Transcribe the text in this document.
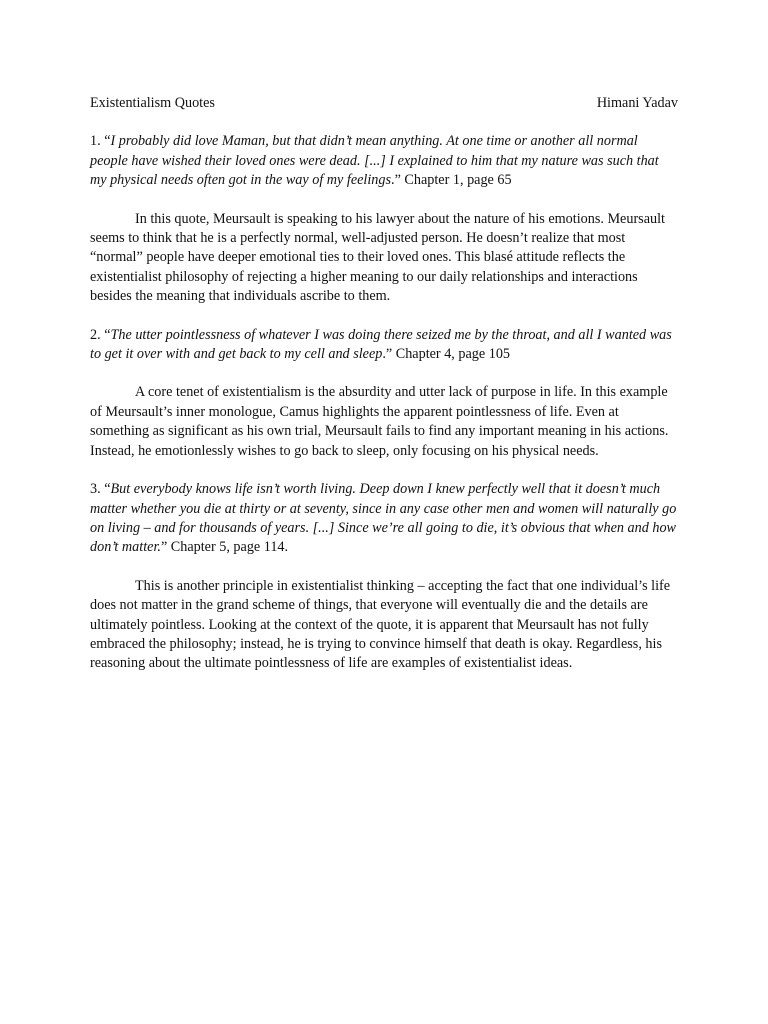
Existentialism Quotes	Himani Yadav

1. “I probably did love Maman, but that didn’t mean anything. At one time or another all normal people have wished their loved ones were dead. [...] I explained to him that my nature was such that my physical needs often got in the way of my feelings.” Chapter 1, page 65

In this quote, Meursault is speaking to his lawyer about the nature of his emotions. Meursault seems to think that he is a perfectly normal, well-adjusted person. He doesn’t realize that most “normal” people have deeper emotional ties to their loved ones. This blasé attitude reflects the existentialist philosophy of rejecting a higher meaning to our daily relationships and interactions besides the meaning that individuals ascribe to them.

2. “The utter pointlessness of whatever I was doing there seized me by the throat, and all I wanted was to get it over with and get back to my cell and sleep.” Chapter 4, page 105

A core tenet of existentialism is the absurdity and utter lack of purpose in life. In this example of Meursault’s inner monologue, Camus highlights the apparent pointlessness of life. Even at something as significant as his own trial, Meursault fails to find any important meaning in his actions. Instead, he emotionlessly wishes to go back to sleep, only focusing on his physical needs.

3. “But everybody knows life isn’t worth living. Deep down I knew perfectly well that it doesn’t much matter whether you die at thirty or at seventy, since in any case other men and women will naturally go on living – and for thousands of years. [...] Since we’re all going to die, it’s obvious that when and how don’t matter.” Chapter 5, page 114.

This is another principle in existentialist thinking – accepting the fact that one individual’s life does not matter in the grand scheme of things, that everyone will eventually die and the details are ultimately pointless. Looking at the context of the quote, it is apparent that Meursault has not fully embraced the philosophy; instead, he is trying to convince himself that death is okay. Regardless, his reasoning about the ultimate pointlessness of life are examples of existentialist ideas.
